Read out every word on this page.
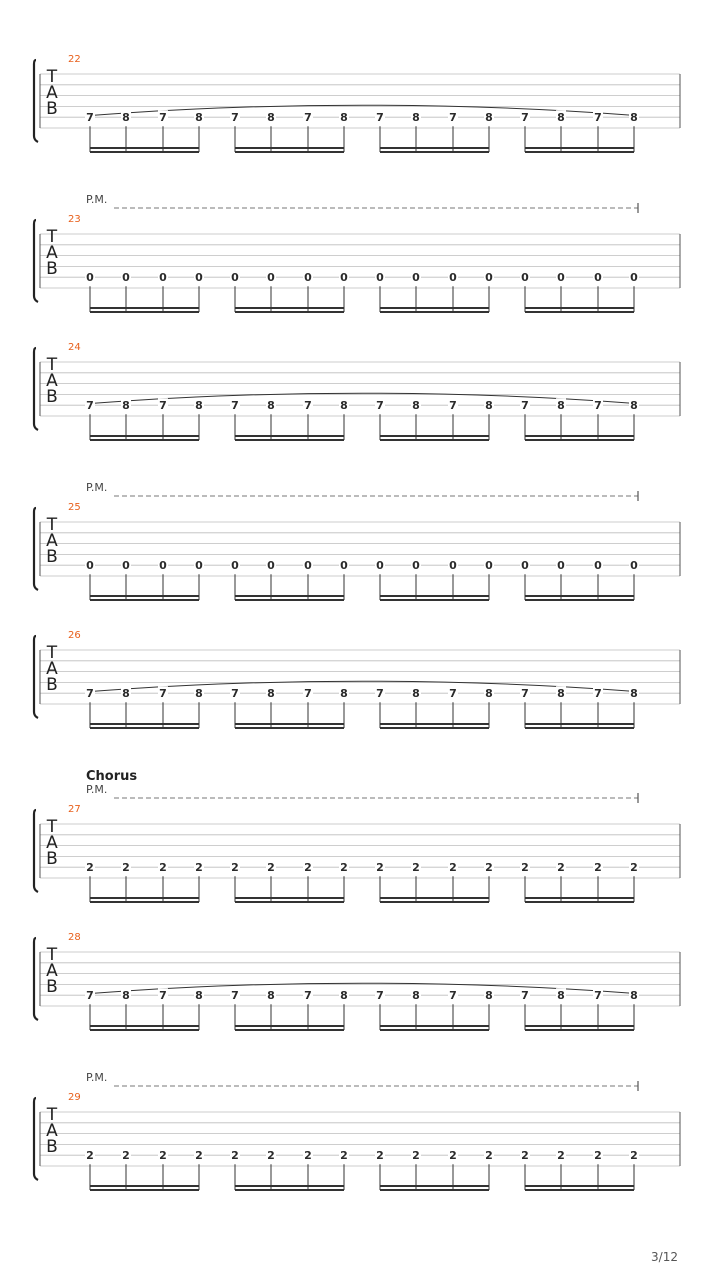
22
T
A
B	7	8	7	8	7	8	7	8	7	8	7	8	7	8	7	8
P.M.
23
T
A
B	0	0	0	0	0	0	0	0	0	0	0	0	0	0	0	0
24
T
A
B	7	8	7	8	7	8	7	8	7	8	7	8	7	8	7	8
P.M.
25
T
A
B	0	0	0	0	0	0	0	0	0	0	0	0	0	0	0	0
26
T
A
B	7	8	7	8	7	8	7	8	7	8	7	8	7	8	7	8
P.M.
Chorus
27
T
A
B	2	2	2	2	2	2	2	2	2	2	2	2	2	2	2	2
28
T
A
B	7	8	7	8	7	8	7	8	7	8	7	8	7	8	7	8
P.M.
29
T
A
B	2	2	2	2	2	2	2	2	2	2	2	2	2	2	2	2
3/12
